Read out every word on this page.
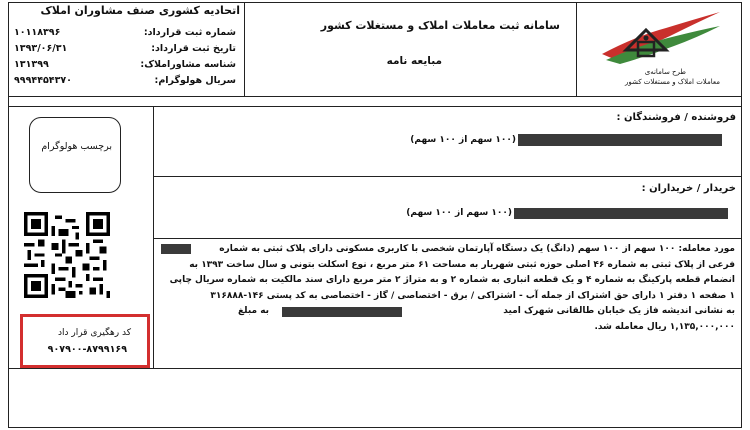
اتحادیه کشوری صنف مشاوران املاک
شماره ثبت قرارداد:
۱۰۱۱۸۳۹۶
تاریخ ثبت قرارداد:
۱۳۹۳/۰۶/۳۱
شناسه مشاوراملاک:
۱۳۱۳۹۹
سریال هولوگرام:
۹۹۹۴۴۵۴۳۷۰
سامانه ثبت معاملات املاک و مستغلات کشور
مبایعه نامه
طرح سامانه‌ی
معاملات املاک و مستغلات کشور
برچسب هولوگرام
کد رهگیری قرار داد
۹۰۷۹۰۰-۸۷۹۹۱۶۹
فروشنده / فروشندگان :
(۱۰۰ سهم از ۱۰۰ سهم)
خریدار / خریداران :
(۱۰۰ سهم از ۱۰۰ سهم)
مورد معامله: ۱۰۰ سهم از ۱۰۰ سهم (دانگ) یک دستگاه آپارتمان شخصی با کاربری مسکونی دارای پلاک ثبتی به شماره
فرعی از پلاک ثبتی به شماره ۴۶ اصلی حوزه ثبتی شهریار به مساحت ۶۱ متر مربع ، نوع اسکلت بتونی و سال ساخت ۱۳۹۳ به
انضمام قطعه پارکینگ به شماره ۴ و یک قطعه انباری به شماره ۲ و به متراژ ۲ متر مربع دارای سند مالکیت به شماره سریال چاپی
۱ صفحه ۱ دفتر ۱ دارای حق اشتراک از جمله آب - اشتراکی / برق - اختصاصی / گاز - اختصاصی به کد پستی ۱۴۶-۳۱۶۸۸۸
به نشانی اندیشه فاز یک خیابان طالقانی شهرک امید
به مبلغ
۱,۱۳۵,۰۰۰,۰۰۰ ریال معامله شد.
